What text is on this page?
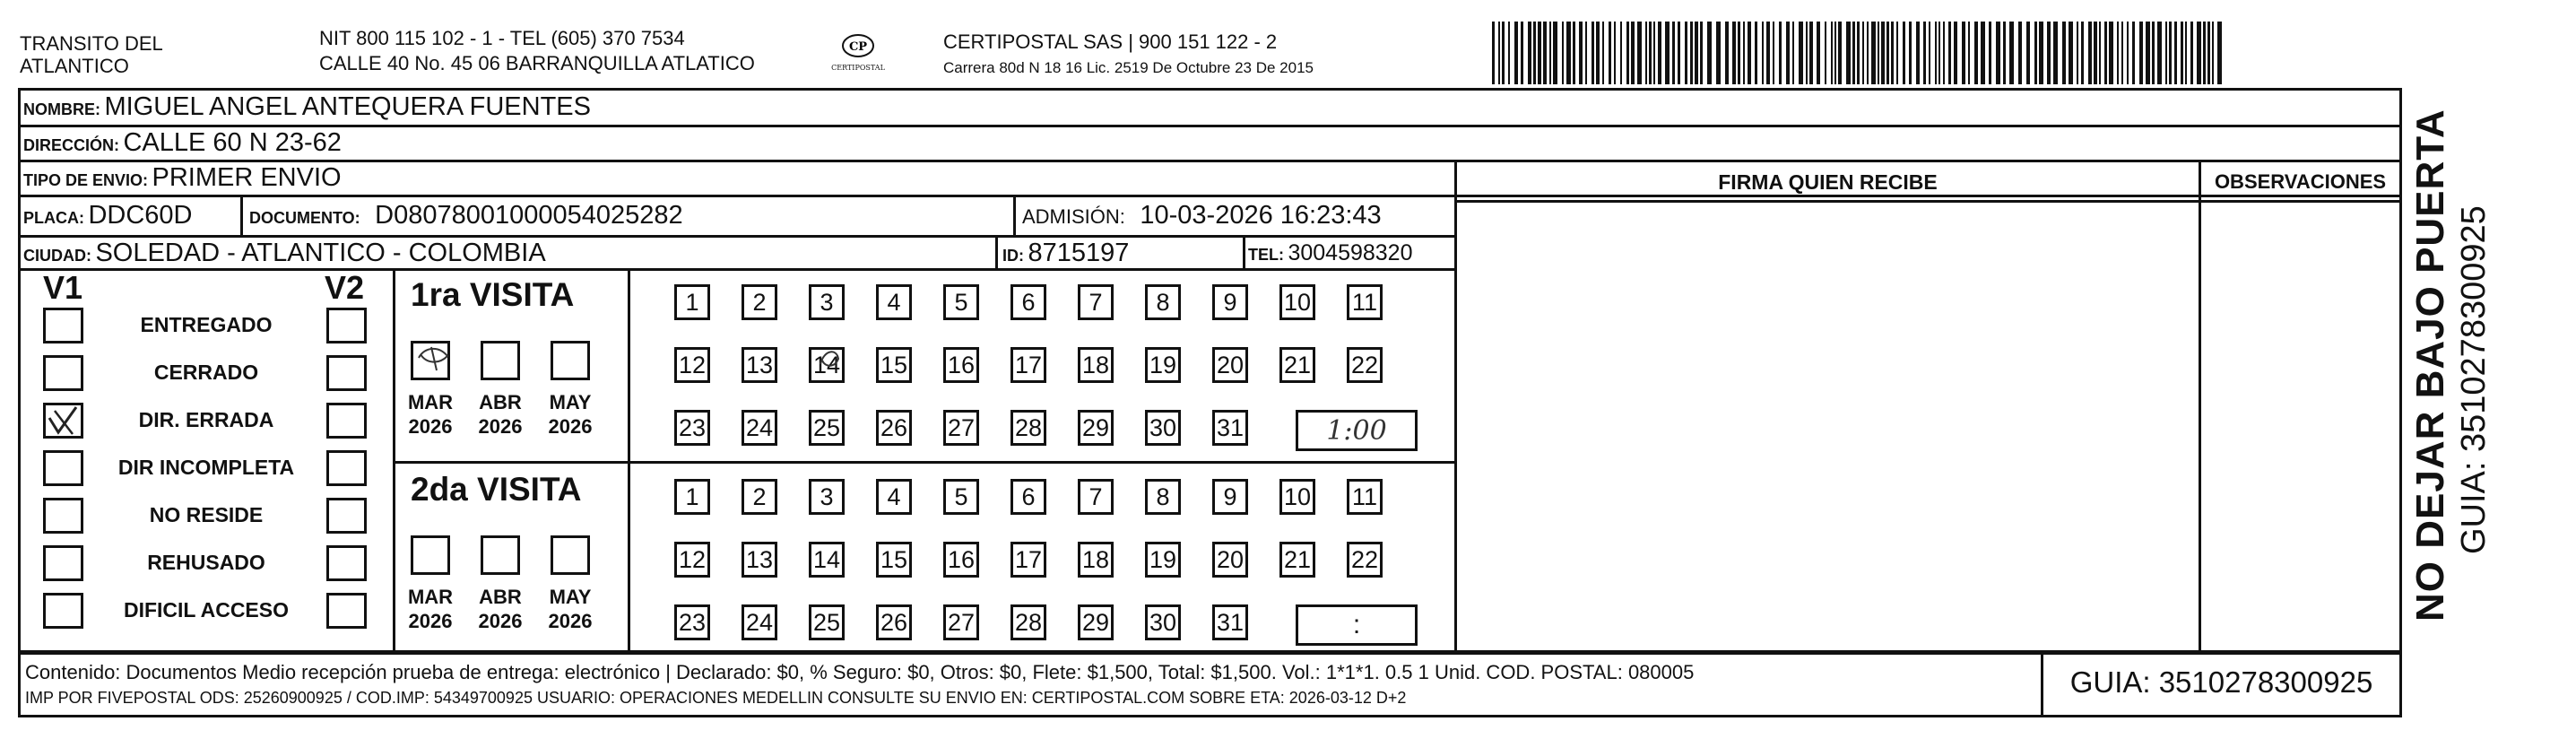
TRANSITO DEL
ATLANTICO
NIT 800 115 102 - 1 - TEL (605) 370 7534
CALLE 40 No. 45 06 BARRANQUILLA ATLATICO
CP
CERTIPOSTAL
CERTIPOSTAL SAS | 900 151 122 - 2
Carrera 80d N 18 16 Lic. 2519 De Octubre 23 De 2015
NOMBRE: MIGUEL ANGEL ANTEQUERA FUENTES
DIRECCIÓN: CALLE 60 N 23-62
TIPO DE ENVIO: PRIMER ENVIO
PLACA: DDC60D	DOCUMENTO: D08078001000054025282	ADMISIÓN: 10-03-2026 16:23:43
CIUDAD: SOLEDAD - ATLANTICO - COLOMBIA	ID: 8715197	TEL: 3004598320
FIRMA QUIEN RECIBE	OBSERVACIONES
V1	V2
ENTREGADO
CERRADO
DIR. ERRADA
DIR INCOMPLETA
NO RESIDE
REHUSADO
DIFICIL ACCESO
1ra VISITA
MAR
2026
ABR
2026
MAY
2026
1 2 3 4 5 6 7 8 9 10 11
12 13 14 15 16 17 18 19 20 21 22
23 24 25 26 27 28 29 30 31	1:00
2da VISITA
MAR
2026
ABR
2026
MAY
2026
1 2 3 4 5 6 7 8 9 10 11
12 13 14 15 16 17 18 19 20 21 22
23 24 25 26 27 28 29 30 31	:
Contenido: Documentos Medio recepción prueba de entrega: electrónico | Declarado: $0, % Seguro: $0, Otros: $0, Flete: $1,500, Total: $1,500. Vol.: 1*1*1. 0.5 1 Unid. COD. POSTAL: 080005
IMP POR FIVEPOSTAL ODS: 25260900925 / COD.IMP: 54349700925 USUARIO: OPERACIONES MEDELLIN CONSULTE SU ENVIO EN: CERTIPOSTAL.COM SOBRE ETA: 2026-03-12 D+2	GUIA: 3510278300925
NO DEJAR BAJO PUERTA GUIA: 3510278300925
